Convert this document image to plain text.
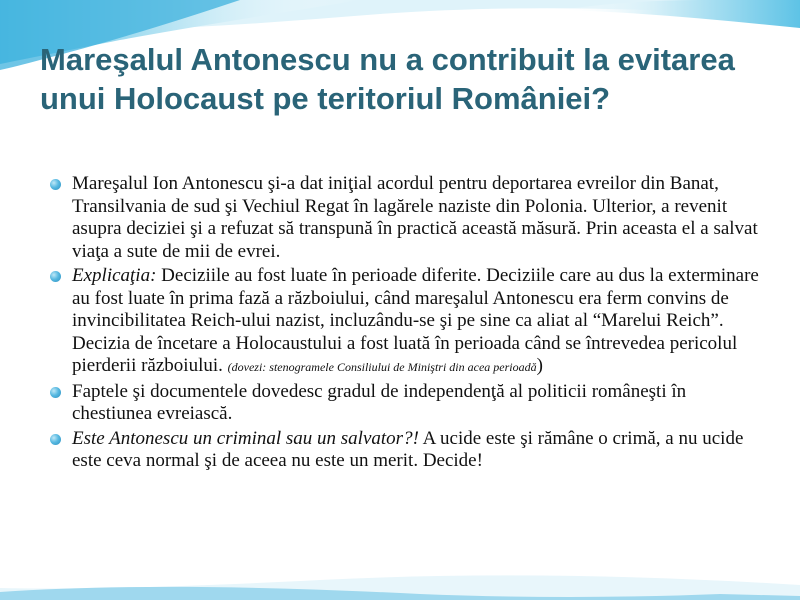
Mareşalul Antonescu nu a contribuit la evitarea unui Holocaust pe teritoriul României?
Mareşalul Ion Antonescu şi-a dat iniţial acordul pentru deportarea evreilor din Banat, Transilvania de sud şi Vechiul Regat în lagărele naziste din Polonia. Ulterior, a revenit asupra deciziei şi a refuzat să transpună în practică această măsură. Prin aceasta el a salvat viaţa a sute de mii de evrei.
Explicaţia: Deciziile au fost luate în perioade diferite. Deciziile care au dus la exterminare au fost luate în prima fază a războiului, când mareşalul Antonescu era ferm convins de invincibilitatea Reich-ului nazist, incluzându-se şi pe sine ca aliat al “Marelui Reich”. Decizia de încetare a Holocaustului a fost luată în perioada când se întrevedea pericolul pierderii războiului. (dovezi: stenogramele Consiliului de Miniştri din acea perioadă)
Faptele şi documentele dovedesc gradul de independenţă al politicii româneşti în chestiunea evreiască.
Este Antonescu un criminal sau un salvator?! A ucide este şi rămâne o crimă, a nu ucide este ceva normal şi de aceea nu este un merit. Decide!
